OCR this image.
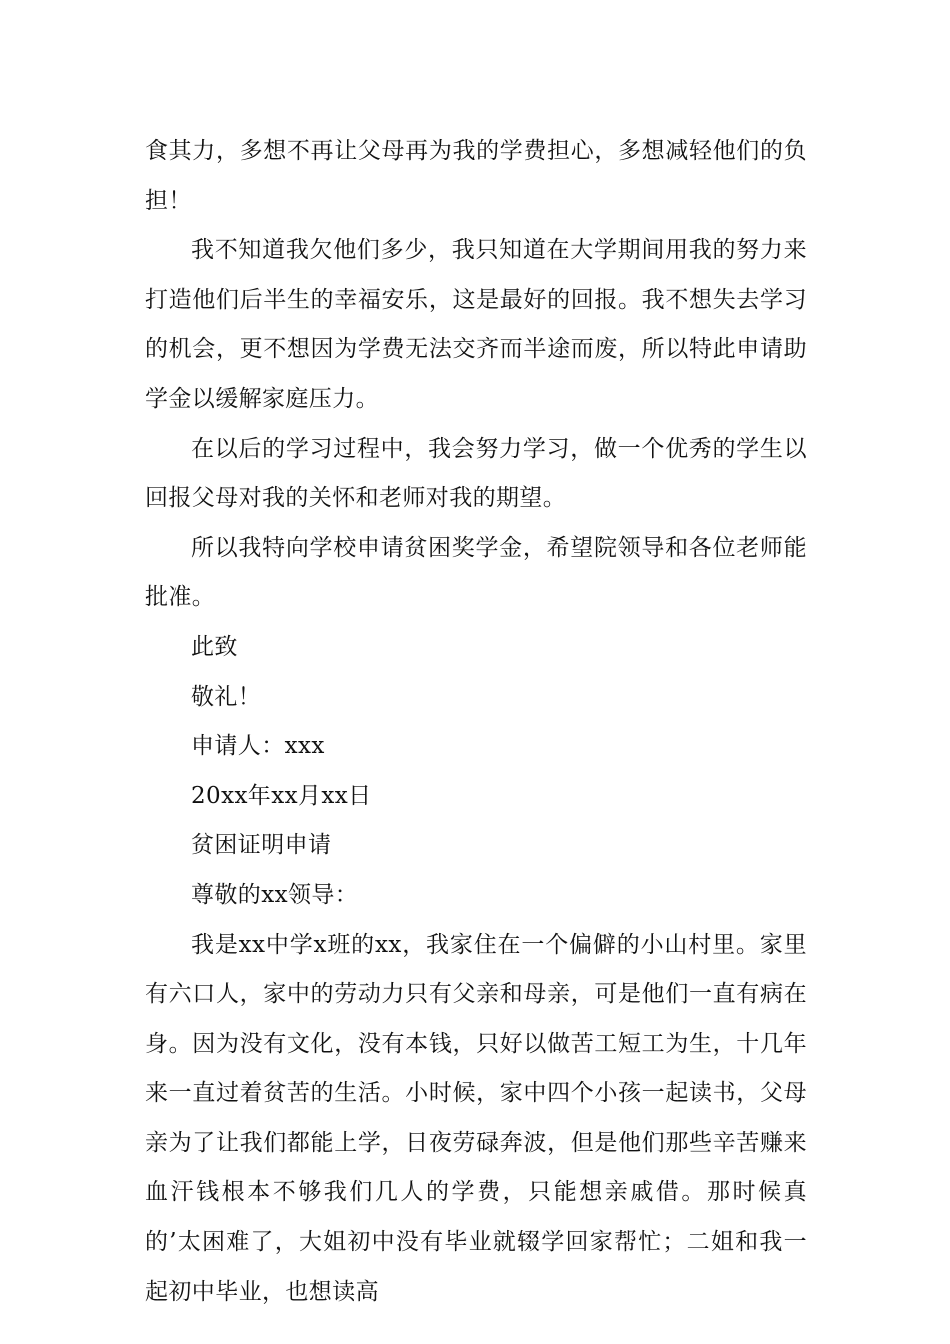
食其力，多想不再让父母再为我的学费担心，多想减轻他们的负担！

我不知道我欠他们多少，我只知道在大学期间用我的努力来打造他们后半生的幸福安乐，这是最好的回报。我不想失去学习的机会，更不想因为学费无法交齐而半途而废，所以特此申请助学金以缓解家庭压力。

在以后的学习过程中，我会努力学习，做一个优秀的学生以回报父母对我的关怀和老师对我的期望。

所以我特向学校申请贫困奖学金，希望院领导和各位老师能批准。

此致

敬礼！

申请人：xxx

20xx年xx月xx日

贫困证明申请

尊敬的xx领导：

我是xx中学x班的xx，我家住在一个偏僻的小山村里。家里有六口人，家中的劳动力只有父亲和母亲，可是他们一直有病在身。因为没有文化，没有本钱，只好以做苦工短工为生，十几年来一直过着贫苦的生活。小时候，家中四个小孩一起读书，父母亲为了让我们都能上学，日夜劳碌奔波，但是他们那些辛苦赚来血汗钱根本不够我们几人的学费，只能想亲戚借。那时候真的’太困难了，大姐初中没有毕业就辍学回家帮忙；二姐和我一起初中毕业，也想读高
